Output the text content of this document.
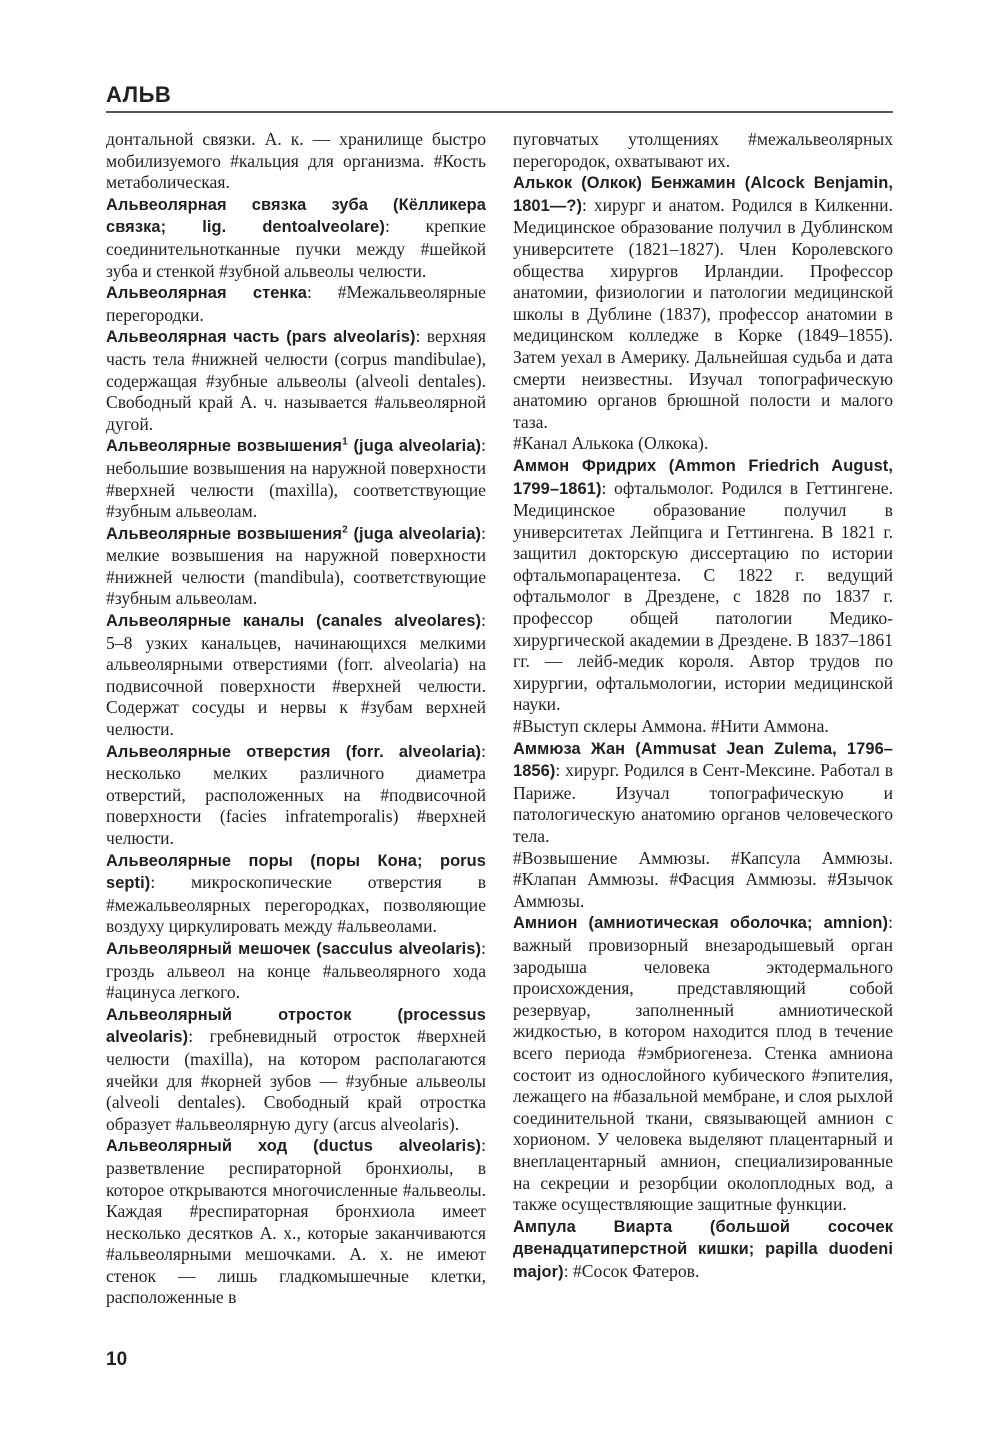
АЛЬВ

донтальной связки. А. к. — хранилище быстро мобилизуемого #кальция для организма. #Кость метаболическая.

Альвеолярная связка зуба (Кёлликера связка; lig. dentoalveolare): крепкие соединительнотканные пучки между #шейкой зуба и стенкой #зубной альвеолы челюсти.

Альвеолярная стенка: #Межальвеолярные перегородки.

Альвеолярная часть (pars alveolaris): верхняя часть тела #нижней челюсти (corpus mandibulae), содержащая #зубные альвеолы (alveoli dentales). Свободный край А. ч. называется #альвеолярной дугой.

Альвеолярные возвышения$^1$ (juga alveolaria): небольшие возвышения на наружной поверхности #верхней челюсти (maxilla), соответствующие #зубным альвеолам.

Альвеолярные возвышения$^2$ (juga alveolaria): мелкие возвышения на наружной поверхности #нижней челюсти (mandibula), соответствующие #зубным альвеолам.

Альвеолярные каналы (canales alveolares): 5–8 узких канальцев, начинающихся мелкими альвеолярными отверстиями (forr. alveolaria) на подвисочной поверхности #верхней челюсти. Содержат сосуды и нервы к #зубам верхней челюсти.

Альвеолярные отверстия (forr. alveolaria): несколько мелких различного диаметра отверстий, расположенных на #подвисочной поверхности (facies infratemporalis) #верхней челюсти.

Альвеолярные поры (поры Кона; porus septi): микроскопические отверстия в #межальвеолярных перегородках, позволяющие воздуху циркулировать между #альвеолами.

Альвеолярный мешочек (sacculus alveolaris): гроздь альвеол на конце #альвеолярного хода #ацинуса легкого.

Альвеолярный отросток (processus alveolaris): гребневидный отросток #верхней челюсти (maxilla), на котором располагаются ячейки для #корней зубов — #зубные альвеолы (alveoli dentales). Свободный край отростка образует #альвеолярную дугу (arcus alveolaris).

Альвеолярный ход (ductus alveolaris): разветвление респираторной бронхиолы, в которое открываются многочисленные #альвеолы. Каждая #респираторная бронхиола имеет несколько десятков А. х., которые заканчиваются #альвеолярными мешочками. А. х. не имеют стенок — лишь гладкомышечные клетки, расположенные в

пуговчатых утолщениях #межальвеолярных перегородок, охватывают их.

Алькок (Олкок) Бенжамин (Alcock Benjamin, 1801—?): хирург и анатом. Родился в Килкенни. Медицинское образование получил в Дублинском университете (1821–1827). Член Королевского общества хирургов Ирландии. Профессор анатомии, физиологии и патологии медицинской школы в Дублине (1837), профессор анатомии в медицинском колледже в Корке (1849–1855). Затем уехал в Америку. Дальнейшая судьба и дата смерти неизвестны. Изучал топографическую анатомию органов брюшной полости и малого таза.

#Канал Алькока (Олкока).

Аммон Фридрих (Ammon Friedrich August, 1799–1861): офтальмолог. Родился в Геттингене. Медицинское образование получил в университетах Лейпцига и Геттингена. В 1821 г. защитил докторскую диссертацию по истории офтальмопарацентеза. С 1822 г. ведущий офтальмолог в Дрездене, с 1828 по 1837 г. профессор общей патологии Медико-хирургической академии в Дрездене. В 1837–1861 гг. — лейб-медик короля. Автор трудов по хирургии, офтальмологии, истории медицинской науки.

#Выступ склеры Аммона. #Нити Аммона.

Аммюза Жан (Ammusat Jean Zulema, 1796–1856): хирург. Родился в Сент-Мексине. Работал в Париже. Изучал топографическую и патологическую анатомию органов человеческого тела.

#Возвышение Аммюзы. #Капсула Аммюзы. #Клапан Аммюзы. #Фасция Аммюзы. #Язычок Аммюзы.

Амнион (амниотическая оболочка; amnion): важный провизорный внезародышевый орган зародыша человека эктодермального происхождения, представляющий собой резервуар, заполненный амниотической жидкостью, в котором находится плод в течение всего периода #эмбриогенеза. Стенка амниона состоит из однослойного кубического #эпителия, лежащего на #базальной мембране, и слоя рыхлой соединительной ткани, связывающей амнион с хорионом. У человека выделяют плацентарный и внеплацентарный амнион, специализированные на секреции и резорбции околоплодных вод, а также осуществляющие защитные функции.

Ампула Виарта (большой сосочек двенадцатиперстной кишки; papilla duodeni major): #Сосок Фатеров.

10
